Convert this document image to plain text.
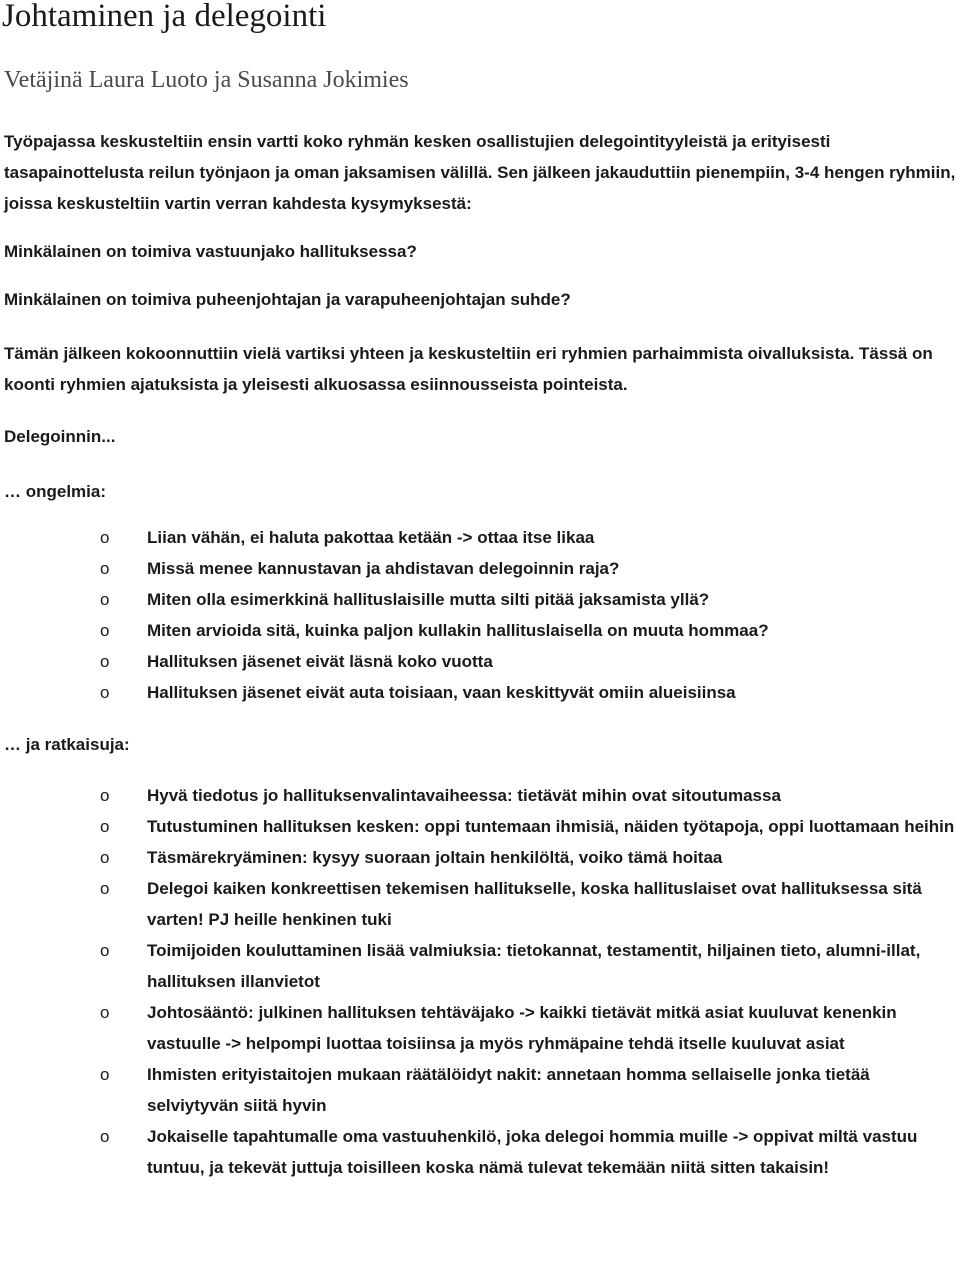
Johtaminen ja delegointi
Vetäjinä Laura Luoto ja Susanna Jokimies

Työpajassa keskusteltiin ensin vartti koko ryhmän kesken osallistujien delegointityyleistä ja erityisesti tasapainottelusta reilun työnjaon ja oman jaksamisen välillä. Sen jälkeen jakauduttiin pienempiin, 3-4 hengen ryhmiin, joissa keskusteltiin vartin verran kahdesta kysymyksestä:

Minkälainen on toimiva vastuunjako hallituksessa?

Minkälainen on toimiva puheenjohtajan ja varapuheenjohtajan suhde?

Tämän jälkeen kokoonnuttiin vielä vartiksi yhteen ja keskusteltiin eri ryhmien parhaimmista oivalluksista. Tässä on koonti ryhmien ajatuksista ja yleisesti alkuosassa esiinnousseista pointeista.

Delegoinnin...

… ongelmia:

o Liian vähän, ei haluta pakottaa ketään -> ottaa itse likaa
o Missä menee kannustavan ja ahdistavan delegoinnin raja?
o Miten olla esimerkkinä hallituslaisille mutta silti pitää jaksamista yllä?
o Miten arvioida sitä, kuinka paljon kullakin hallituslaisella on muuta hommaa?
o Hallituksen jäsenet eivät läsnä koko vuotta
o Hallituksen jäsenet eivät auta toisiaan, vaan keskittyvät omiin alueisiinsa

… ja ratkaisuja:

o Hyvä tiedotus jo hallituksenvalintavaiheessa: tietävät mihin ovat sitoutumassa
o Tutustuminen hallituksen kesken: oppi tuntemaan ihmisiä, näiden työtapoja, oppi luottamaan heihin
o Täsmärekryäminen: kysyy suoraan joltain henkilöltä, voiko tämä hoitaa
o Delegoi kaiken konkreettisen tekemisen hallitukselle, koska hallituslaiset ovat hallituksessa sitä varten! PJ heille henkinen tuki
o Toimijoiden kouluttaminen lisää valmiuksia: tietokannat, testamentit, hiljainen tieto, alumni-illat, hallituksen illanvietot
o Johtosääntö: julkinen hallituksen tehtäväjako -> kaikki tietävät mitkä asiat kuuluvat kenenkin vastuulle -> helpompi luottaa toisiinsa ja myös ryhmäpaine tehdä itselle kuuluvat asiat
o Ihmisten erityistaitojen mukaan räätälöidyt nakit: annetaan homma sellaiselle jonka tietää selviytyvän siitä hyvin
o Jokaiselle tapahtumalle oma vastuuhenkilö, joka delegoi hommia muille -> oppivat miltä vastuu tuntuu, ja tekevät juttuja toisilleen koska nämä tulevat tekemään niitä sitten takaisin!
